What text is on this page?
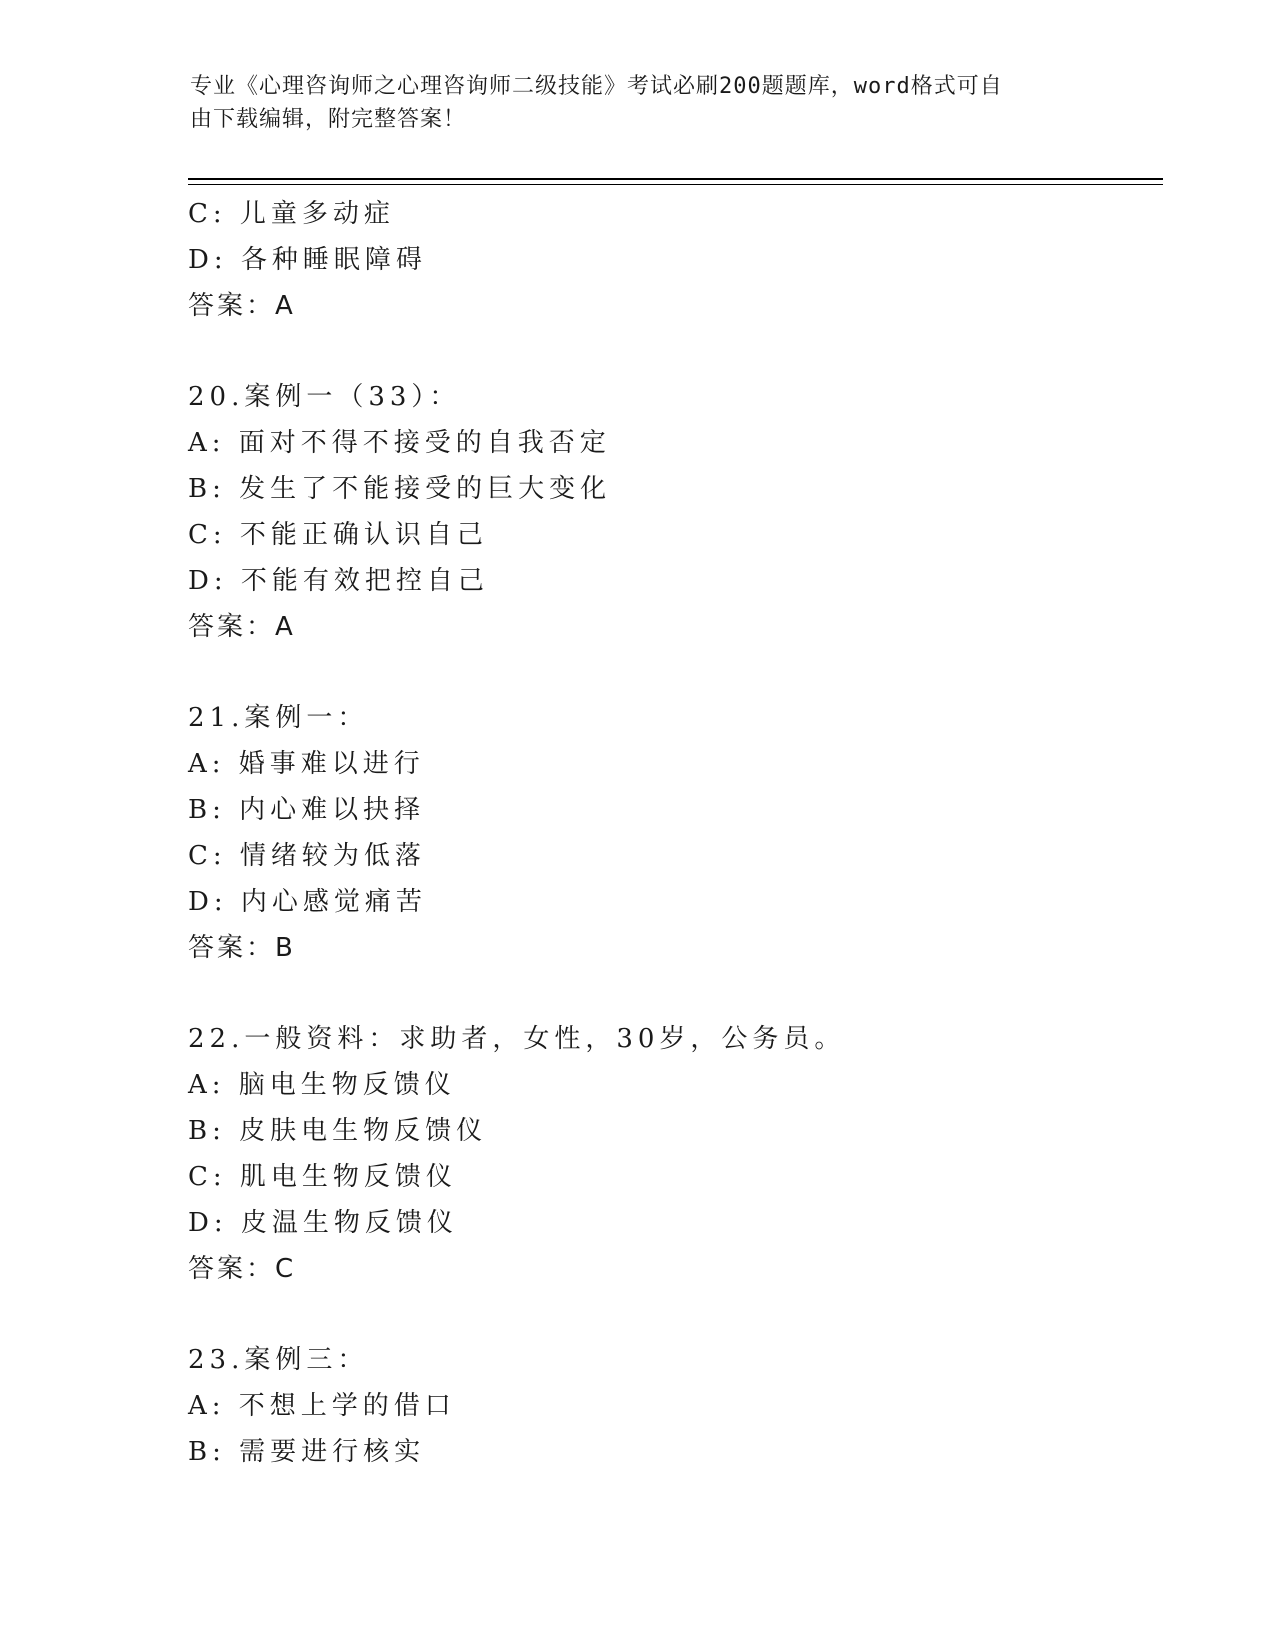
专业《心理咨询师之心理咨询师二级技能》考试必刷200题题库，word格式可自
由下载编辑，附完整答案！
C: 儿童多动症
D: 各种睡眠障碍
答案：A
20.案例一（33）：
A: 面对不得不接受的自我否定
B: 发生了不能接受的巨大变化
C: 不能正确认识自己
D: 不能有效把控自己
答案：A
21.案例一：
A: 婚事难以进行
B: 内心难以抉择
C: 情绪较为低落
D: 内心感觉痛苦
答案：B
22.一般资料：求助者，女性，30岁，公务员。
A: 脑电生物反馈仪
B: 皮肤电生物反馈仪
C: 肌电生物反馈仪
D: 皮温生物反馈仪
答案：C
23.案例三：
A: 不想上学的借口
B: 需要进行核实
